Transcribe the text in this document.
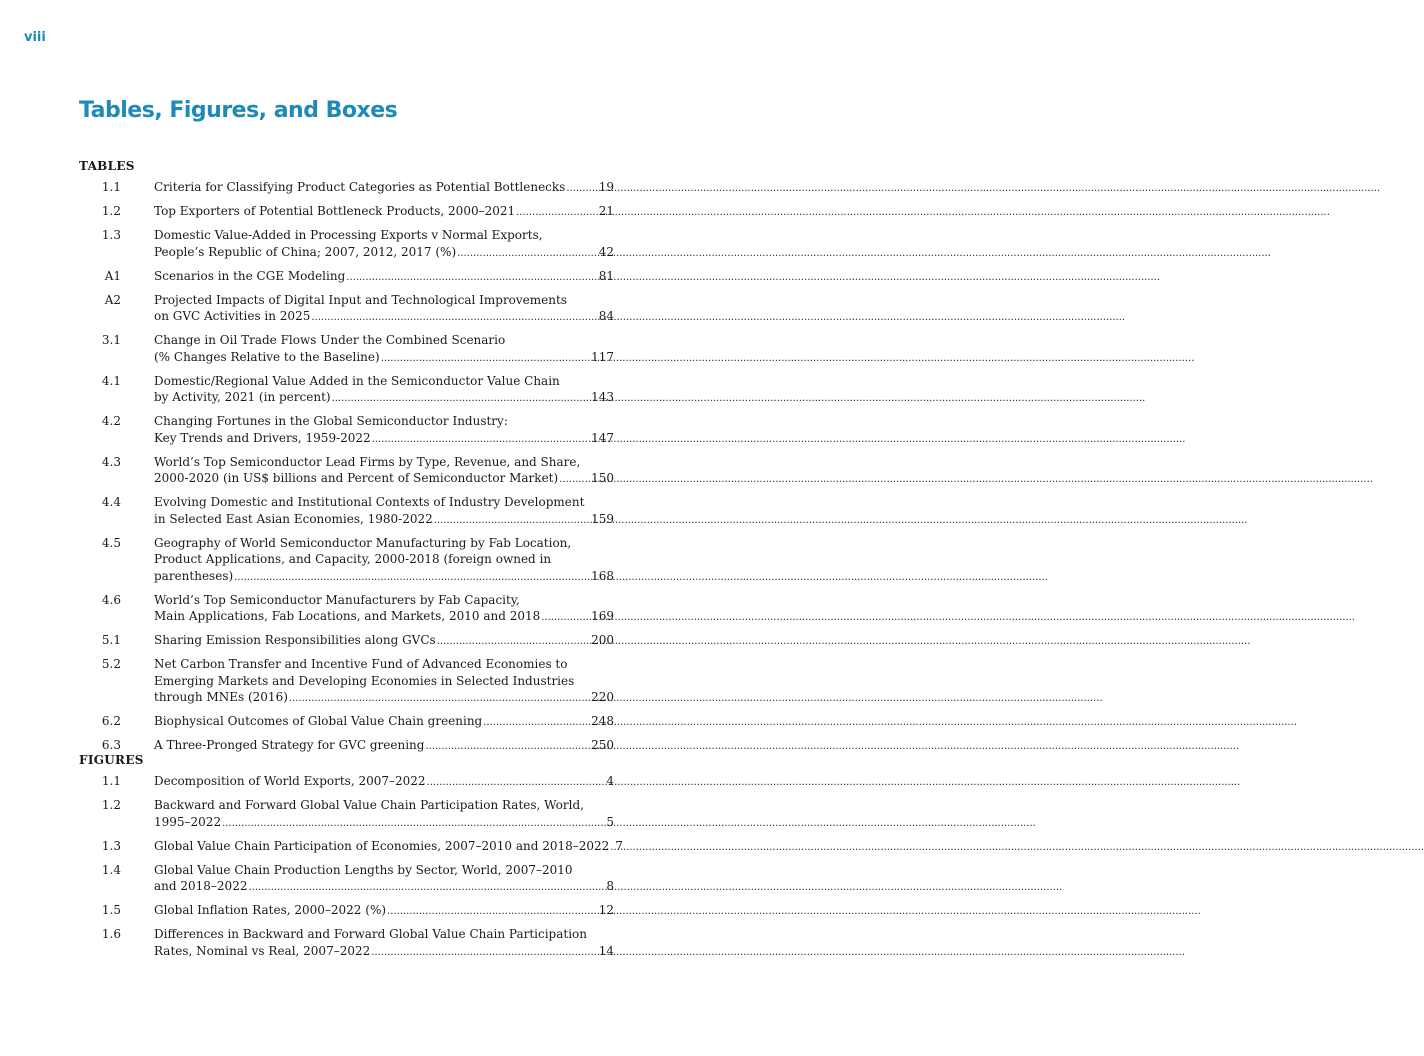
viii
Tables, Figures, and Boxes
TABLES
1.1	Criteria for Classifying Product Categories as Potential Bottlenecks .....	19
1.2	Top Exporters of Potential Bottleneck Products, 2000–2021 .....	21
1.3	Domestic Value-Added in Processing Exports v Normal Exports,
People’s Republic of China; 2007, 2012, 2017 (%) .....	42
A1	Scenarios in the CGE Modeling .....	81
A2	Projected Impacts of Digital Input and Technological Improvements
on GVC Activities in 2025 .....	84
3.1	Change in Oil Trade Flows Under the Combined Scenario
(% Changes Relative to the Baseline) .....	117
4.1	Domestic/Regional Value Added in the Semiconductor Value Chain
by Activity, 2021 (in percent) .....	143
4.2	Changing Fortunes in the Global Semiconductor Industry:
Key Trends and Drivers, 1959-2022 .....	147
4.3	World’s Top Semiconductor Lead Firms by Type, Revenue, and Share,
2000-2020 (in US$ billions and Percent of Semiconductor Market) .....	150
4.4	Evolving Domestic and Institutional Contexts of Industry Development
in Selected East Asian Economies, 1980-2022 .....	159
4.5	Geography of World Semiconductor Manufacturing by Fab Location,
Product Applications, and Capacity, 2000-2018 (foreign owned in
parentheses) .....	168
4.6	World’s Top Semiconductor Manufacturers by Fab Capacity,
Main Applications, Fab Locations, and Markets, 2010 and 2018 .....	169
5.1	Sharing Emission Responsibilities along GVCs .....	200
5.2	Net Carbon Transfer and Incentive Fund of Advanced Economies to
Emerging Markets and Developing Economies in Selected Industries
through MNEs (2016) .....	220
6.2	Biophysical Outcomes of Global Value Chain greening .....	248
6.3	A Three-Pronged Strategy for GVC greening .....	250
FIGURES
1.1	Decomposition of World Exports, 2007–2022 .....	4
1.2	Backward and Forward Global Value Chain Participation Rates, World,
1995–2022 .....	5
1.3	Global Value Chain Participation of Economies, 2007–2010 and 2018–2022 ..... 7
1.4	Global Value Chain Production Lengths by Sector, World, 2007–2010
and 2018–2022 .....	8
1.5	Global Inflation Rates, 2000–2022 (%) .....	12
1.6	Differences in Backward and Forward Global Value Chain Participation
Rates, Nominal vs Real, 2007–2022 .....	14
